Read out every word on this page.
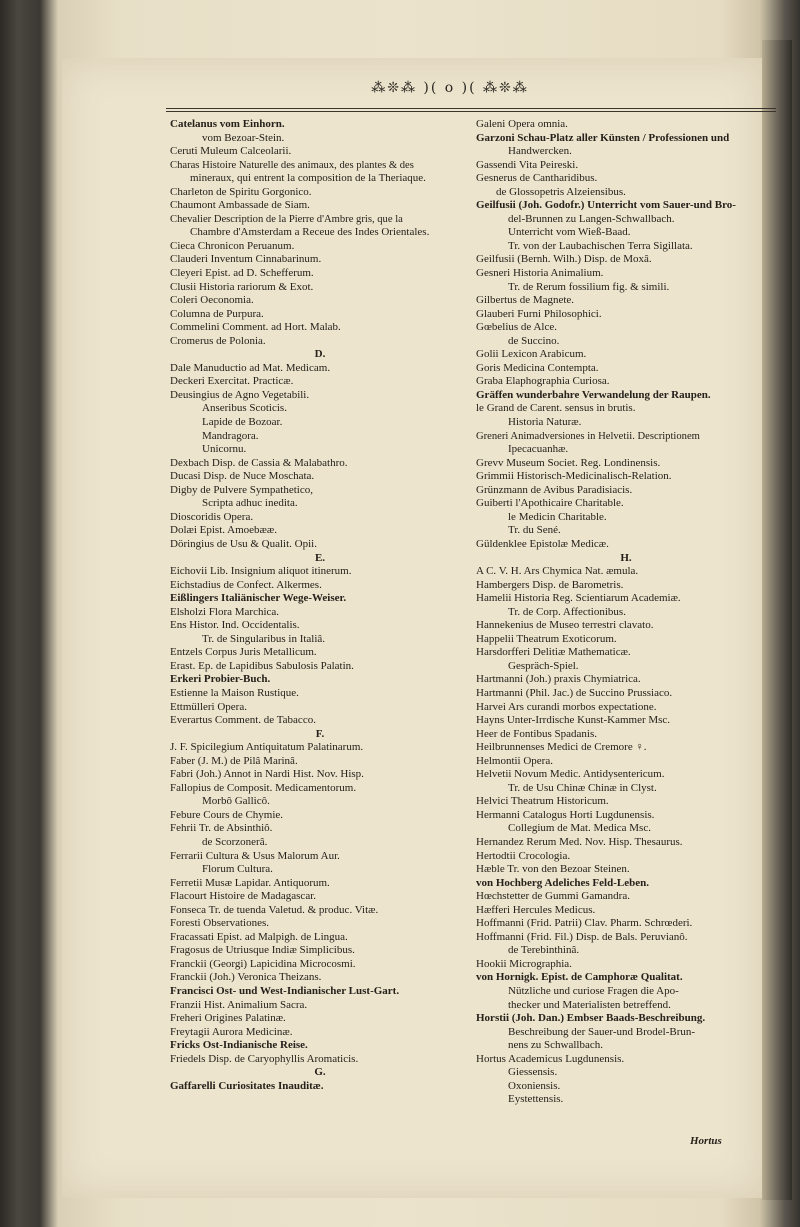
⁂❊⁂ )( o )( ⁂❊⁂
Catelanus vom Einhorn.
vom Bezoar-Stein.
Ceruti Muleum Calceolarii.
Charas Histoire Naturelle des animaux, des plantes & des
mineraux, qui entrent la composition de la Theriaque.
Charleton de Spiritu Gorgonico.
Chaumont Ambassade de Siam.
Chevalier Description de la Pierre d'Ambre gris, que la
Chambre d'Amsterdam a Receue des Indes Orientales.
Cieca Chronicon Peruanum.
Clauderi Inventum Cinnabarinum.
Cleyeri Epist. ad D. Schefferum.
Clusii Historia rariorum & Exot.
Coleri Oeconomia.
Columna de Purpura.
Commelini Comment. ad Hort. Malab.
Cromerus de Polonia.
D.
Dale Manuductio ad Mat. Medicam.
Deckeri Exercitat. Practicæ.
Deusingius de Agno Vegetabili.
Anseribus Scoticis.
Lapide de Bozoar.
Mandragora.
Unicornu.
Dexbach Disp. de Cassia & Malabathro.
Ducasi Disp. de Nuce Moschata.
Digby de Pulvere Sympathetico,
Scripta adhuc inedita.
Dioscoridis Opera.
Dolæi Epist. Amoebææ.
Döringius de Usu & Qualit. Opii.
E.
Eichovii Lib. Insignium aliquot itinerum.
Eichstadius de Confect. Alkermes.
Eißlingers Italiänischer Wege-Weiser.
Elsholzi Flora Marchica.
Ens Histor. Ind. Occidentalis.
Tr. de Singularibus in Italiâ.
Entzels Corpus Juris Metallicum.
Erast. Ep. de Lapidibus Sabulosis Palatin.
Erkeri Probier-Buch.
Estienne la Maison Rustique.
Ettmülleri Opera.
Everartus Comment. de Tabacco.
F.
J. F. Spicilegium Antiquitatum Palatinarum.
Faber (J. M.) de Pilâ Marinâ.
Fabri (Joh.) Annot in Nardi Hist. Nov. Hisp.
Fallopius de Composit. Medicamentorum.
Morbô Gallicô.
Febure Cours de Chymie.
Fehrii Tr. de Absinthiô.
de Scorzonerâ.
Ferrarii Cultura & Usus Malorum Aur.
Florum Cultura.
Ferretii Musæ Lapidar. Antiquorum.
Flacourt Histoire de Madagascar.
Fonseca Tr. de tuenda Valetud. & produc. Vitæ.
Foresti Observationes.
Fracassati Epist. ad Malpigh. de Lingua.
Fragosus de Utriusque Indiæ Simplicibus.
Franckii (Georgi) Lapicidina Microcosmi.
Franckii (Joh.) Veronica Theizans.
Francisci Ost- und West-Indianischer Lust-Gart.
Franzii Hist. Animalium Sacra.
Freheri Origines Palatinæ.
Freytagii Aurora Medicinæ.
Fricks Ost-Indianische Reise.
Friedels Disp. de Caryophyllis Aromaticis.
G.
Gaffarelli Curiositates Inauditæ.
Galeni Opera omnia.
Garzoni Schau-Platz aller Künsten / Professionen und
Handwercken.
Gassendi Vita Peireski.
Gesnerus de Cantharidibus.
de Glossopetris Alzeiensibus.
Geilfusii (Joh. Godofr.) Unterricht vom Sauer-und Bro-
del-Brunnen zu Langen-Schwallbach.
Unterricht vom Wieß-Baad.
Tr. von der Laubachischen Terra Sigillata.
Geilfusii (Bernh. Wilh.) Disp. de Moxâ.
Gesneri Historia Animalium.
Tr. de Rerum fossilium fig. & simili.
Gilbertus de Magnete.
Glauberi Furni Philosophici.
Gœbelius de Alce.
de Succino.
Golii Lexicon Arabicum.
Goris Medicina Contempta.
Graba Elaphographia Curiosa.
Gräffen wunderbahre Verwandelung der Raupen.
le Grand de Carent. sensus in brutis.
Historia Naturæ.
Greneri Animadversiones in Helvetii. Descriptionem
Ipecacuanhæ.
Grevv Museum Societ. Reg. Londinensis.
Grimmii Historisch-Medicinalisch-Relation.
Grünzmann de Avibus Paradisiacis.
Guiberti l'Apothicaire Charitable.
le Medicin Charitable.
Tr. du Sené.
Güldenklee Epistolæ Medicæ.
H.
A C. V. H. Ars Chymica Nat. æmula.
Hambergers Disp. de Barometris.
Hamelii Historia Reg. Scientiarum Academiæ.
Tr. de Corp. Affectionibus.
Hannekenius de Museo terrestri clavato.
Happelii Theatrum Exoticorum.
Harsdorfferi Delitiæ Mathematicæ.
Gespräch-Spiel.
Hartmanni (Joh.) praxis Chymiatrica.
Hartmanni (Phil. Jac.) de Succino Prussiaco.
Harvei Ars curandi morbos expectatione.
Hayns Unter-Irrdische Kunst-Kammer Msc.
Heer de Fontibus Spadanis.
Heilbrunnenses Medici de Cremore ♀.
Helmontii Opera.
Helvetii Novum Medic. Antidysentericum.
Tr. de Usu Chinæ Chinæ in Clyst.
Helvici Theatrum Historicum.
Hermanni Catalogus Horti Lugdunensis.
Collegium de Mat. Medica Msc.
Hernandez Rerum Med. Nov. Hisp. Thesaurus.
Hertodtii Crocologia.
Hæble Tr. von den Bezoar Steinen.
von Hochberg Adeliches Feld-Leben.
Hœchstetter de Gummi Gamandra.
Hæfferi Hercules Medicus.
Hoffmanni (Frid. Patrii) Clav. Pharm. Schrœderi.
Hoffmanni (Frid. Fil.) Disp. de Bals. Peruvianô.
de Terebinthinâ.
Hookii Micrographia.
von Hornigk. Epist. de Camphoræ Qualitat.
Nützliche und curiose Fragen die Apo-
thecker und Materialisten betreffend.
Horstii (Joh. Dan.) Embser Baads-Beschreibung.
Beschreibung der Sauer-und Brodel-Brun-
nens zu Schwallbach.
Hortus Academicus Lugdunensis.
Giessensis.
Oxoniensis.
Eystettensis.
Hortus
